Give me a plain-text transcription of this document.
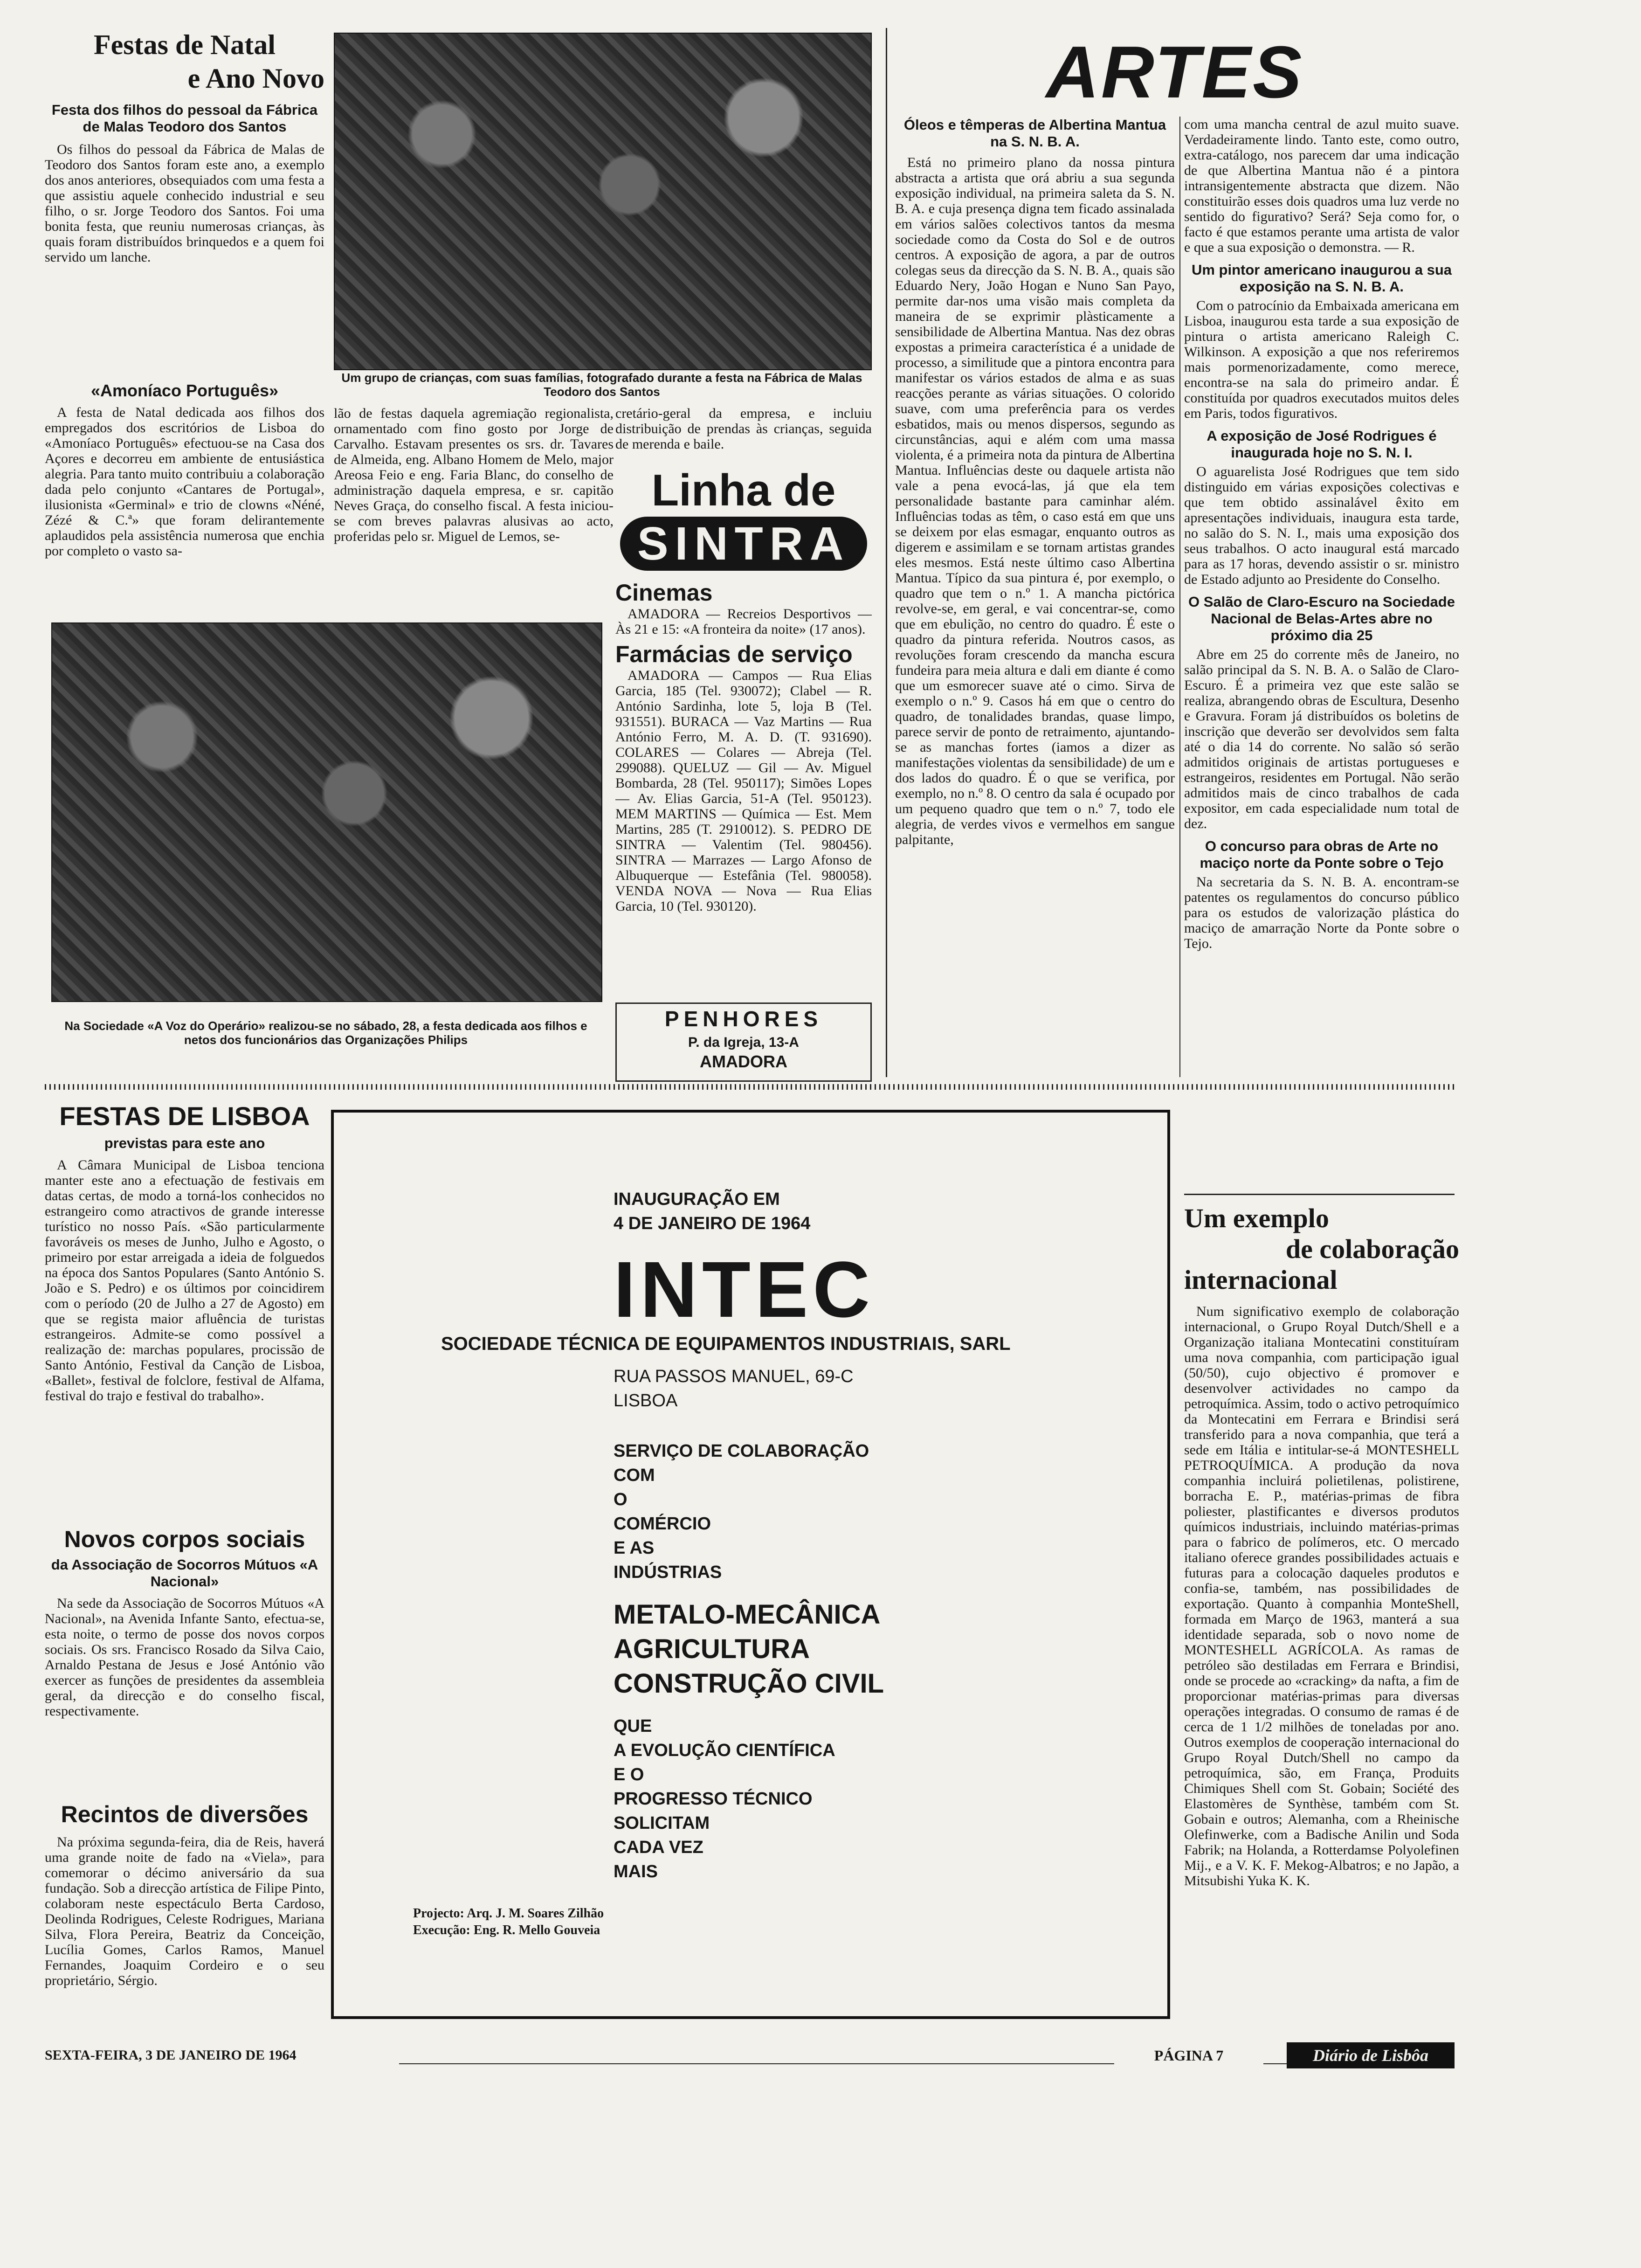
Festas de Natal
e Ano Novo
Festa dos filhos do pessoal da Fábrica de Malas Teodoro dos Santos

Os filhos do pessoal da Fábrica de Malas de Teodoro dos Santos foram este ano, a exemplo dos anos anteriores, obsequiados com uma festa a que assistiu aquele conhecido industrial e seu filho, o sr. Jorge Teodoro dos Santos. Foi uma bonita festa, que reuniu numerosas crianças, às quais foram distribuídos brinquedos e a quem foi servido um lanche.

«Amoníaco Português»

A festa de Natal dedicada aos filhos dos empregados dos escritórios de Lisboa do «Amoníaco Português» efectuou-se na Casa dos Açores e decorreu em ambiente de entusiástica alegria. Para tanto muito contribuiu a colaboração dada pelo conjunto «Cantares de Portugal», ilusionista «Germinal» e trio de clowns «Néné, Zézé & C.ª» que foram delirantemente aplaudidos pela assistência numerosa que enchia por completo o vasto sa-

Um grupo de crianças, com suas famílias, fotografado durante a festa na Fábrica de Malas Teodoro dos Santos

lão de festas daquela agremiação regionalista, ornamentado com fino gosto por Jorge de Carvalho. Estavam presentes os srs. dr. Tavares de Almeida, eng. Albano Homem de Melo, major Areosa Feio e eng. Faria Blanc, do conselho de administração daquela empresa, e sr. capitão Neves Graça, do conselho fiscal. A festa iniciou-se com breves palavras alusivas ao acto, proferidas pelo sr. Miguel de Lemos, se-

cretário-geral da empresa, e incluiu distribuição de prendas às crianças, seguida de merenda e baile.

Na Sociedade «A Voz do Operário» realizou-se no sábado, 28, a festa dedicada aos filhos e netos dos funcionários das Organizações Philips
Linha de
SINTRA
Cinemas

AMADORA — Recreios Desportivos — Às 21 e 15: «A fronteira da noite» (17 anos).

Farmácias de serviço

AMADORA — Campos — Rua Elias Garcia, 185 (Tel. 930072); Clabel — R. António Sardinha, lote 5, loja B (Tel. 931551). BURACA — Vaz Martins — Rua António Ferro, M. A. D. (T. 931690). COLARES — Colares — Abreja (Tel. 299088). QUELUZ — Gil — Av. Miguel Bombarda, 28 (Tel. 950117); Simões Lopes — Av. Elias Garcia, 51-A (Tel. 950123). MEM MARTINS — Química — Est. Mem Martins, 285 (T. 2910012). S. PEDRO DE SINTRA — Valentim (Tel. 980456). SINTRA — Marrazes — Largo Afonso de Albuquerque — Estefânia (Tel. 980058). VENDA NOVA — Nova — Rua Elias Garcia, 10 (Tel. 930120).

PENHORES
P. da Igreja, 13-A
AMADORA
ARTES
Óleos e têmperas de Albertina Mantua na S. N. B. A.

Está no primeiro plano da nossa pintura abstracta a artista que orá abriu a sua segunda exposição individual, na primeira saleta da S. N. B. A. e cuja presença digna tem ficado assinalada em vários salões colectivos tantos da mesma sociedade como da Costa do Sol e de outros centros. A exposição de agora, a par de outros colegas seus da direcção da S. N. B. A., quais são Eduardo Nery, João Hogan e Nuno San Payo, permite dar-nos uma visão mais completa da maneira de se exprimir plàsticamente a sensibilidade de Albertina Mantua. Nas dez obras expostas a primeira característica é a unidade de processo, a similitude que a pintora encontra para manifestar os vários estados de alma e as suas reacções perante as várias situações. O colorido suave, com uma preferência para os verdes esbatidos, mais ou menos dispersos, segundo as circunstâncias, aqui e além com uma massa violenta, é a primeira nota da pintura de Albertina Mantua. Influências deste ou daquele artista não vale a pena evocá-las, já que ela tem personalidade bastante para caminhar além. Influências todas as têm, o caso está em que uns se deixem por elas esmagar, enquanto outros as digerem e assimilam e se tornam artistas grandes eles mesmos. Está neste último caso Albertina Mantua. Típico da sua pintura é, por exemplo, o quadro que tem o n.º 1. A mancha pictórica revolve-se, em geral, e vai concentrar-se, como que em ebulição, no centro do quadro. É este o quadro da pintura referida. Noutros casos, as revoluções foram crescendo da mancha escura fundeira para meia altura e dali em diante é como que um esmorecer suave até o cimo. Sirva de exemplo o n.º 9. Casos há em que o centro do quadro, de tonalidades brandas, quase limpo, parece servir de ponto de retraimento, ajuntando-se as manchas fortes (iamos a dizer as manifestações violentas da sensibilidade) de um e dos lados do quadro. É o que se verifica, por exemplo, no n.º 8. O centro da sala é ocupado por um pequeno quadro que tem o n.º 7, todo ele alegria, de verdes vivos e vermelhos em sangue palpitante,

com uma mancha central de azul muito suave. Verdadeiramente lindo. Tanto este, como outro, extra-catálogo, nos parecem dar uma indicação de que Albertina Mantua não é a pintora intransigentemente abstracta que dizem. Não constituirão esses dois quadros uma luz verde no sentido do figurativo? Será? Seja como for, o facto é que estamos perante uma artista de valor e que a sua exposição o demonstra. — R.

Um pintor americano inaugurou a sua exposição na S. N. B. A.

Com o patrocínio da Embaixada americana em Lisboa, inaugurou esta tarde a sua exposição de pintura o artista americano Raleigh C. Wilkinson. A exposição a que nos referiremos mais pormenorizadamente, como merece, encontra-se na sala do primeiro andar. É constituída por quadros executados muitos deles em Paris, todos figurativos.

A exposição de José Rodrigues é inaugurada hoje no S. N. I.

O aguarelista José Rodrigues que tem sido distinguido em várias exposições colectivas e que tem obtido assinalável êxito em apresentações individuais, inaugura esta tarde, no salão do S. N. I., mais uma exposição dos seus trabalhos. O acto inaugural está marcado para as 17 horas, devendo assistir o sr. ministro de Estado adjunto ao Presidente do Conselho.

O Salão de Claro-Escuro na Sociedade Nacional de Belas-Artes abre no próximo dia 25

Abre em 25 do corrente mês de Janeiro, no salão principal da S. N. B. A. o Salão de Claro-Escuro. É a primeira vez que este salão se realiza, abrangendo obras de Escultura, Desenho e Gravura. Foram já distribuídos os boletins de inscrição que deverão ser devolvidos sem falta até o dia 14 do corrente. No salão só serão admitidos originais de artistas portugueses e estrangeiros, residentes em Portugal. Não serão admitidos mais de cinco trabalhos de cada expositor, em cada especialidade num total de dez.

O concurso para obras de Arte no maciço norte da Ponte sobre o Tejo

Na secretaria da S. N. B. A. encontram-se patentes os regulamentos do concurso público para os estudos de valorização plástica do maciço de amarração Norte da Ponte sobre o Tejo.

FESTAS DE LISBOA
previstas para este ano

A Câmara Municipal de Lisboa tenciona manter este ano a efectuação de festivais em datas certas, de modo a torná-los conhecidos no estrangeiro como atractivos de grande interesse turístico no nosso País. «São particularmente favoráveis os meses de Junho, Julho e Agosto, o primeiro por estar arreigada a ideia de folguedos na época dos Santos Populares (Santo António S. João e S. Pedro) e os últimos por coincidirem com o período (20 de Julho a 27 de Agosto) em que se regista maior afluência de turistas estrangeiros. Admite-se como possível a realização de: marchas populares, procissão de Santo António, Festival da Canção de Lisboa, «Ballet», festival de folclore, festival de Alfama, festival do trajo e festival do trabalho».

Novos corpos sociais
da Associação de Socorros Mútuos «A Nacional»

Na sede da Associação de Socorros Mútuos «A Nacional», na Avenida Infante Santo, efectua-se, esta noite, o termo de posse dos novos corpos sociais. Os srs. Francisco Rosado da Silva Caio, Arnaldo Pestana de Jesus e José António vão exercer as funções de presidentes da assembleia geral, da direcção e do conselho fiscal, respectivamente.

Recintos de diversões

Na próxima segunda-feira, dia de Reis, haverá uma grande noite de fado na «Viela», para comemorar o décimo aniversário da sua fundação. Sob a direcção artística de Filipe Pinto, colaboram neste espectáculo Berta Cardoso, Deolinda Rodrigues, Celeste Rodrigues, Mariana Silva, Flora Pereira, Beatriz da Conceição, Lucília Gomes, Carlos Ramos, Manuel Fernandes, Joaquim Cordeiro e o seu proprietário, Sérgio.

INAUGURAÇÃO EM
4 DE JANEIRO DE 1964
INTEC
SOCIEDADE TÉCNICA DE EQUIPAMENTOS INDUSTRIAIS, SARL
RUA PASSOS MANUEL, 69-C
LISBOA
SERVIÇO DE COLABORAÇÃO
COM
O
COMÉRCIO
E AS
INDÚSTRIAS
METALO-MECÂNICA
AGRICULTURA
CONSTRUÇÃO CIVIL
QUE
A EVOLUÇÃO CIENTÍFICA
E O
PROGRESSO TÉCNICO
SOLICITAM
CADA VEZ
MAIS
Projecto: Arq. J. M. Soares Zilhão
Execução: Eng. R. Mello Gouveia
Um exemplo
de colaboração
internacional

Num significativo exemplo de colaboração internacional, o Grupo Royal Dutch/Shell e a Organização italiana Montecatini constituíram uma nova companhia, com participação igual (50/50), cujo objectivo é promover e desenvolver actividades no campo da petroquímica. Assim, todo o activo petroquímico da Montecatini em Ferrara e Brindisi será transferido para a nova companhia, que terá a sede em Itália e intitular-se-á MONTESHELL PETROQUÍMICA. A produção da nova companhia incluirá polietilenas, polistirene, borracha E. P., matérias-primas de fibra poliester, plastificantes e diversos produtos químicos industriais, incluindo matérias-primas para o fabrico de polímeros, etc. O mercado italiano oferece grandes possibilidades actuais e futuras para a colocação daqueles produtos e confia-se, também, nas possibilidades de exportação. Quanto à companhia MonteShell, formada em Março de 1963, manterá a sua identidade separada, sob o novo nome de MONTESHELL AGRÍCOLA. As ramas de petróleo são destiladas em Ferrara e Brindisi, onde se procede ao «cracking» da nafta, a fim de proporcionar matérias-primas para diversas operações integradas. O consumo de ramas é de cerca de 1 1/2 milhões de toneladas por ano. Outros exemplos de cooperação internacional do Grupo Royal Dutch/Shell no campo da petroquímica, são, em França, Produits Chimiques Shell com St. Gobain; Société des Elastomères de Synthèse, também com St. Gobain e outros; Alemanha, com a Rheinische Olefinwerke, com a Badische Anilin und Soda Fabrik; na Holanda, a Rotterdamse Polyolefinen Mij., e a V. K. F. Mekog-Albatros; e no Japão, a Mitsubishi Yuka K. K.

SEXTA-FEIRA, 3 DE JANEIRO DE 1964	PÁGINA 7	Diário de Lisbôa
